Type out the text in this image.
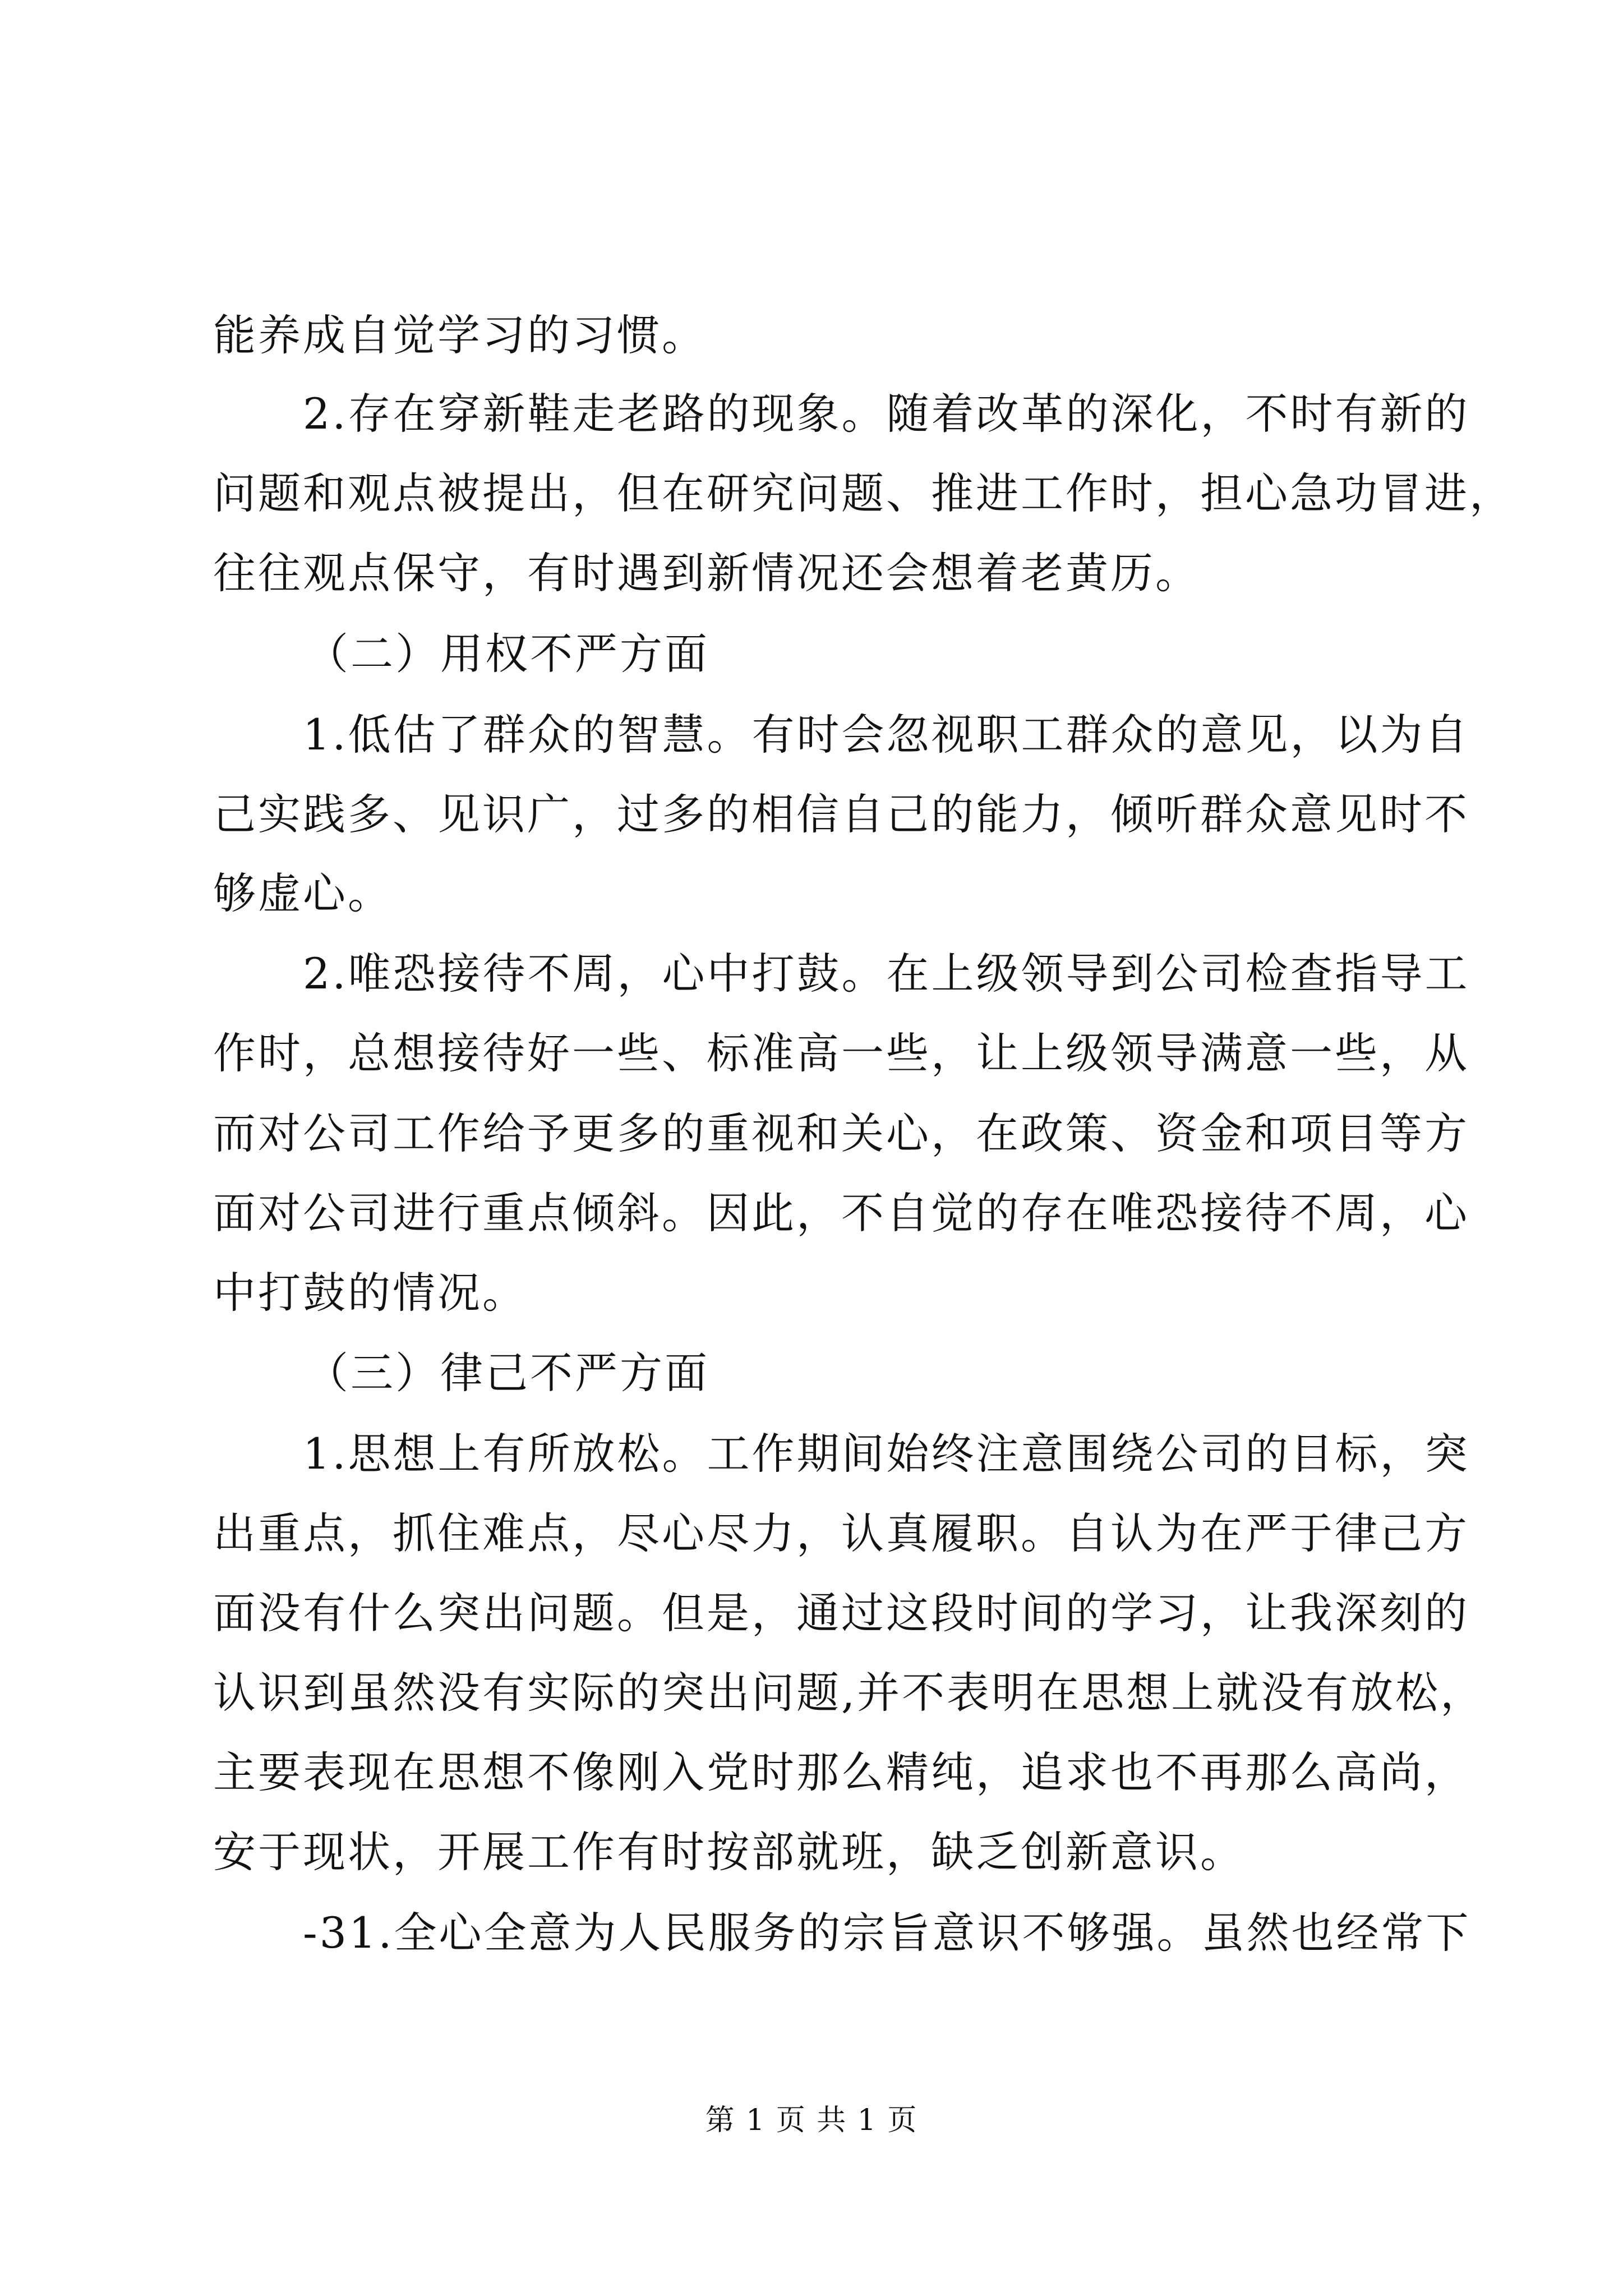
能养成自觉学习的习惯。
2.存在穿新鞋走老路的现象。随着改革的深化，不时有新的
问题和观点被提出，但在研究问题、推进工作时，担心急功冒进，
往往观点保守，有时遇到新情况还会想着老黄历。
（二）用权不严方面
1.低估了群众的智慧。有时会忽视职工群众的意见，以为自
己实践多、见识广，过多的相信自己的能力，倾听群众意见时不
够虚心。
2.唯恐接待不周，心中打鼓。在上级领导到公司检查指导工
作时，总想接待好一些、标准高一些，让上级领导满意一些，从
而对公司工作给予更多的重视和关心，在政策、资金和项目等方
面对公司进行重点倾斜。因此，不自觉的存在唯恐接待不周，心
中打鼓的情况。
（三）律己不严方面
1.思想上有所放松。工作期间始终注意围绕公司的目标，突
出重点，抓住难点，尽心尽力，认真履职。自认为在严于律己方
面没有什么突出问题。但是，通过这段时间的学习，让我深刻的
认识到虽然没有实际的突出问题,并不表明在思想上就没有放松，
主要表现在思想不像刚入党时那么精纯，追求也不再那么高尚，
安于现状，开展工作有时按部就班，缺乏创新意识。
-31.全心全意为人民服务的宗旨意识不够强。虽然也经常下
第 1 页 共 1 页
